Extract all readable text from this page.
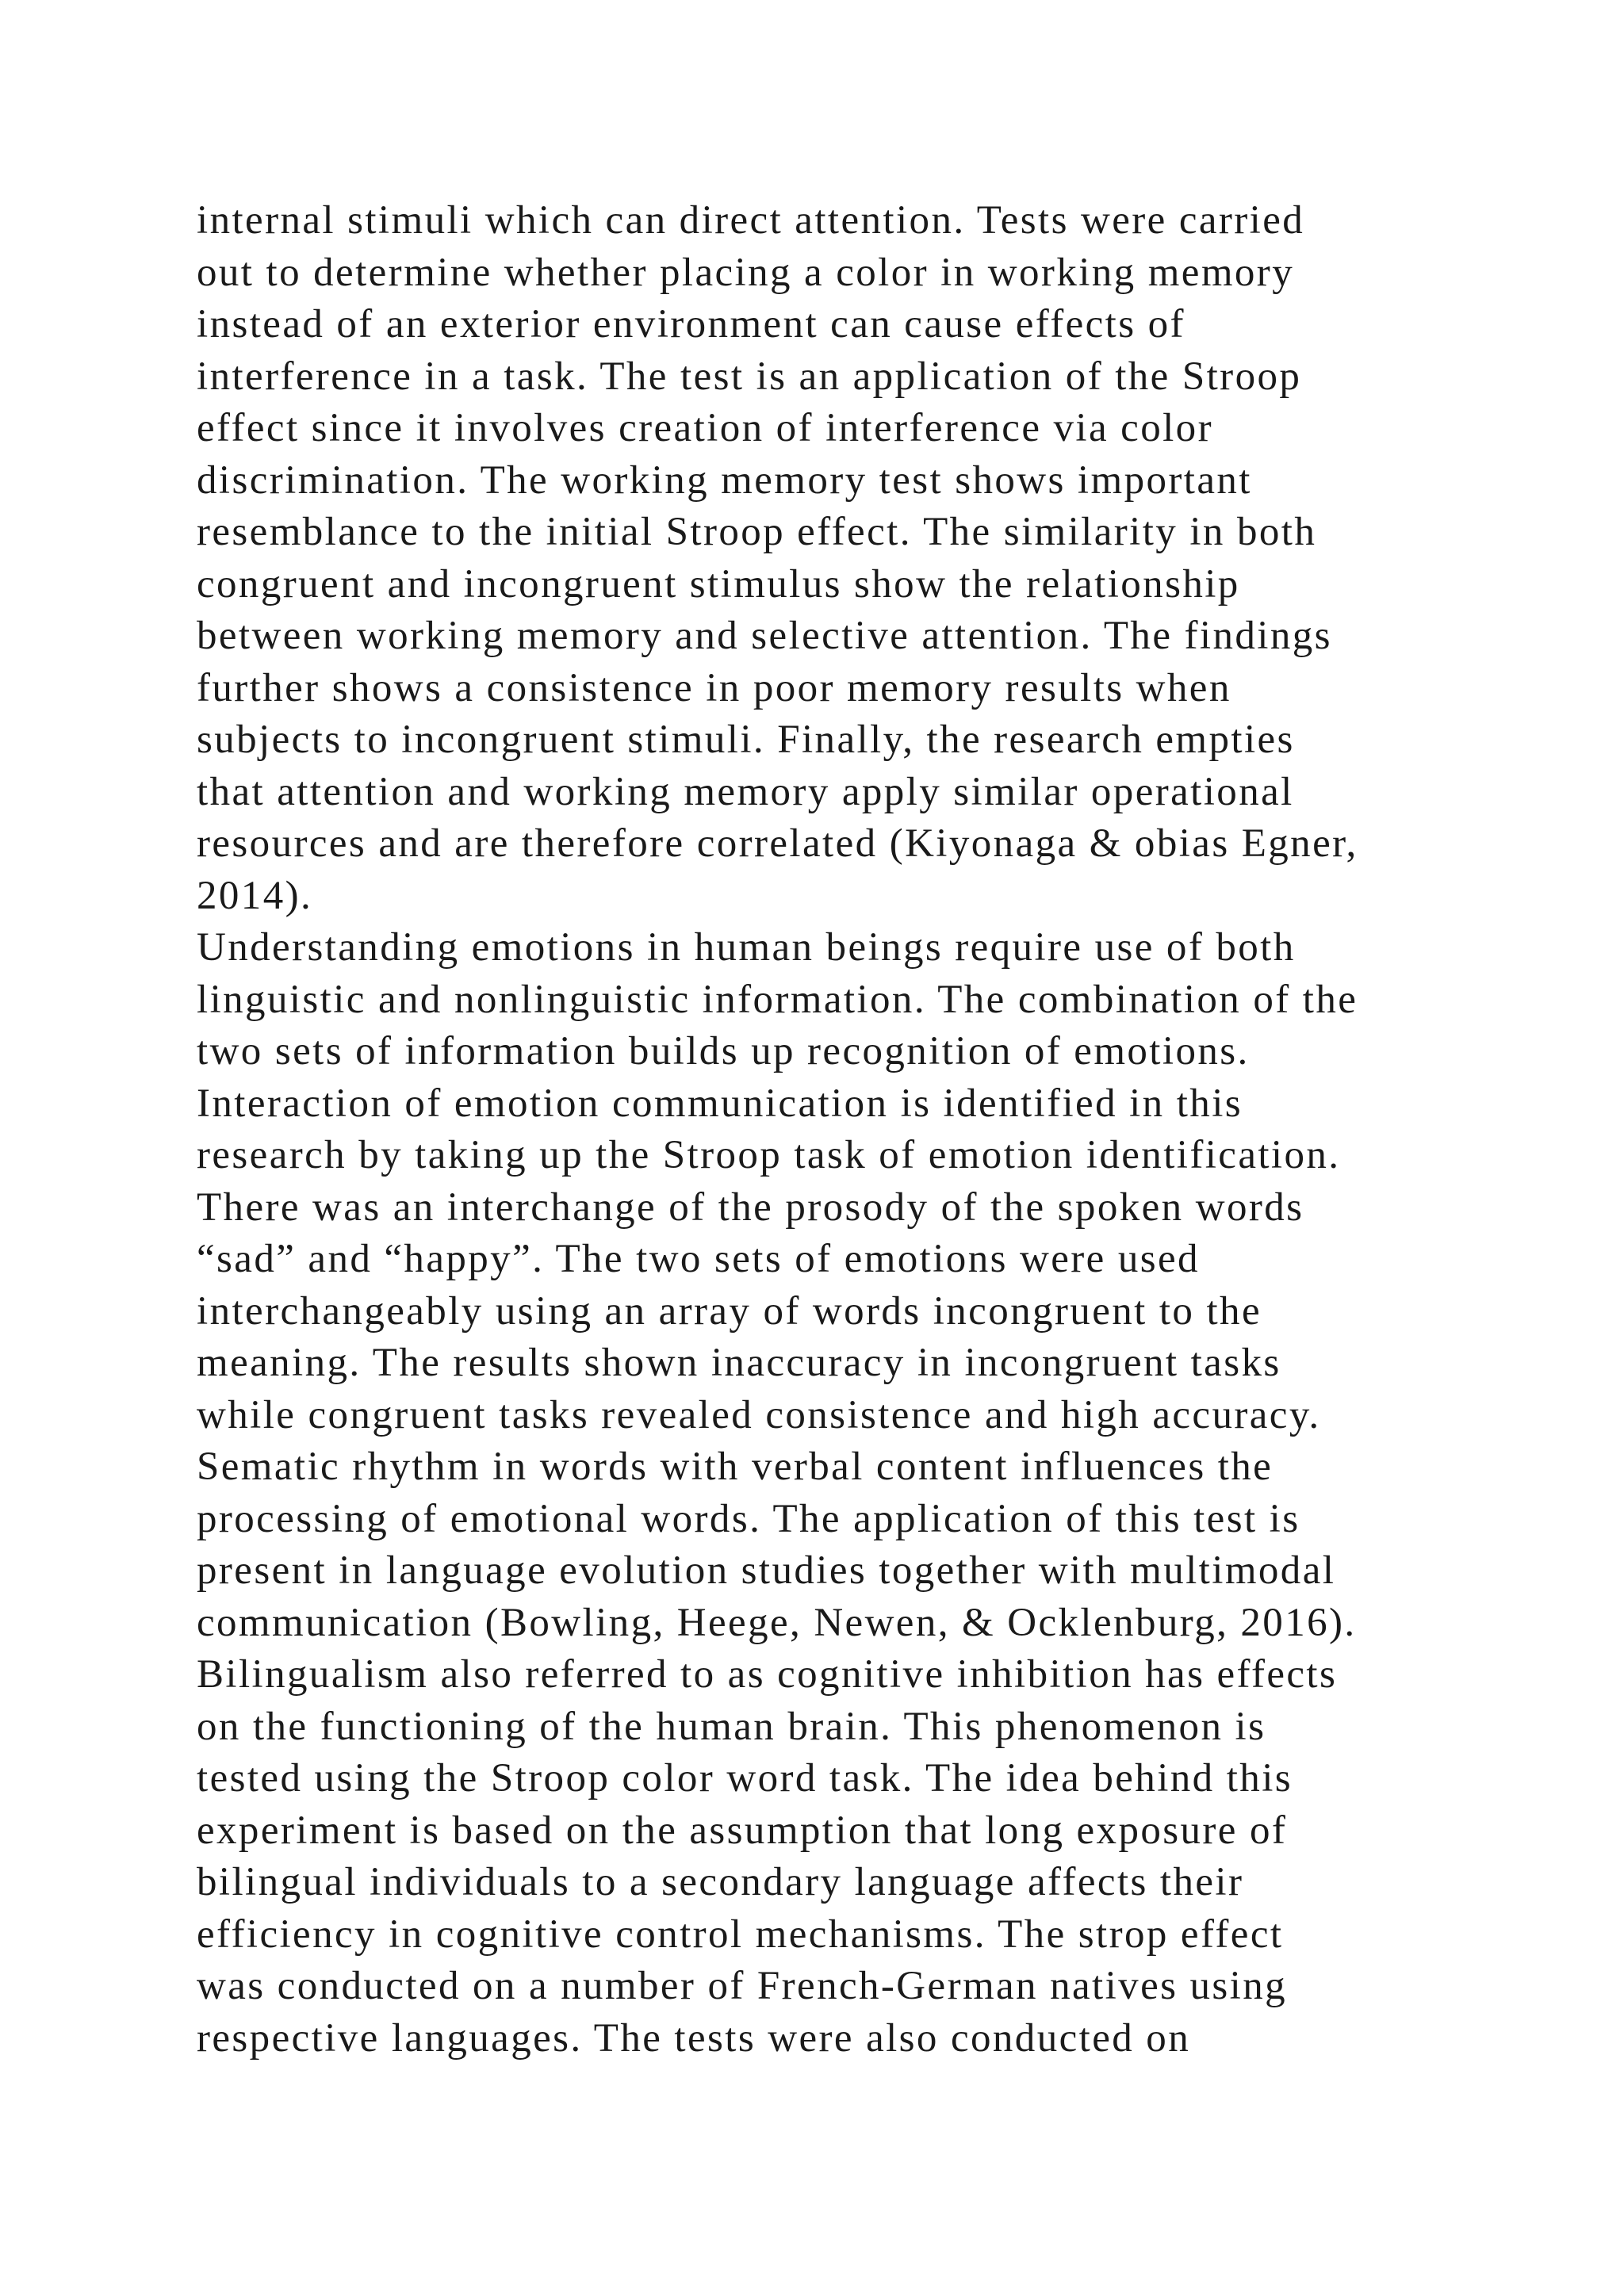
internal stimuli which can direct attention. Tests were carried
out to determine whether placing a color in working memory
instead of an exterior environment can cause effects of
interference in a task. The test is an application of the Stroop
effect since it involves creation of interference via color
discrimination. The working memory test shows important
resemblance to the initial Stroop effect. The similarity in both
congruent and incongruent stimulus show the relationship
between working memory and selective attention. The findings
further shows a consistence in poor memory results when
subjects to incongruent stimuli. Finally, the research empties
that attention and working memory apply similar operational
resources and are therefore correlated (Kiyonaga & obias Egner,
2014).
Understanding emotions in human beings require use of both
linguistic and nonlinguistic information. The combination of the
two sets of information builds up recognition of emotions.
Interaction of emotion communication is identified in this
research by taking up the Stroop task of emotion identification.
There was an interchange of the prosody of the spoken words
“sad” and “happy”. The two sets of emotions were used
interchangeably using an array of words incongruent to the
meaning. The results shown inaccuracy in incongruent tasks
while congruent tasks revealed consistence and high accuracy.
Sematic rhythm in words with verbal content influences the
processing of emotional words. The application of this test is
present in language evolution studies together with multimodal
communication (Bowling, Heege, Newen, & Ocklenburg, 2016).
Bilingualism also referred to as cognitive inhibition has effects
on the functioning of the human brain. This phenomenon is
tested using the Stroop color word task. The idea behind this
experiment is based on the assumption that long exposure of
bilingual individuals to a secondary language affects their
efficiency in cognitive control mechanisms. The strop effect
was conducted on a number of French-German natives using
respective languages. The tests were also conducted on
